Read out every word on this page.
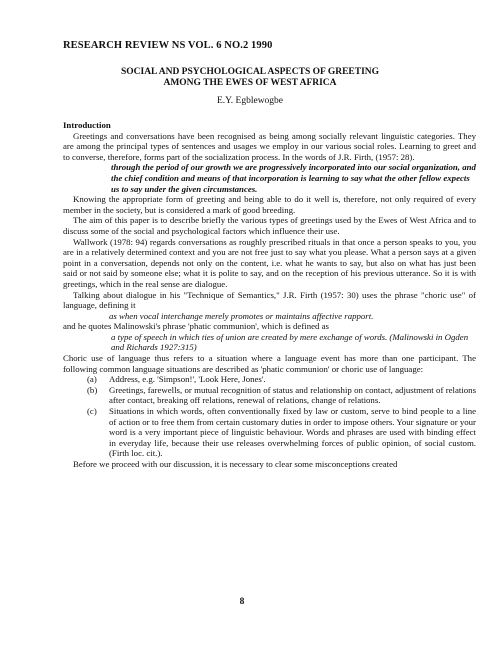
RESEARCH REVIEW NS VOL. 6 NO.2 1990
SOCIAL AND PSYCHOLOGICAL ASPECTS OF GREETING
AMONG THE EWES OF WEST AFRICA
E.Y. Egblewogbe

Introduction

Greetings and conversations have been recognised as being among socially relevant linguistic categories. They are among the principal types of sentences and usages we employ in our various social roles. Learning to greet and to converse, therefore, forms part of the socialization process. In the words of J.R. Firth, (1957: 28).

through the period of our growth we are progressively incorporated into our social organization, and the chief condition and means of that incorporation is learning to say what the other fellow expects us to say under the given circumstances.

Knowing the appropriate form of greeting and being able to do it well is, therefore, not only required of every member in the society, but is considered a mark of good breeding.

The aim of this paper is to describe briefly the various types of greetings used by the Ewes of West Africa and to discuss some of the social and psychological factors which influence their use.

Wallwork (1978: 94) regards conversations as roughly prescribed rituals in that once a person speaks to you, you are in a relatively determined context and you are not free just to say what you please. What a person says at a given point in a conversation, depends not only on the content, i.e. what he wants to say, but also on what has just been said or not said by someone else; what it is polite to say, and on the reception of his previous utterance. So it is with greetings, which in the real sense are dialogue.

Talking about dialogue in his "Technique of Semantics," J.R. Firth (1957: 30) uses the phrase "choric use" of language, defining it

as when vocal interchange merely promotes or maintains affective rapport.

and he quotes Malinowski's phrase 'phatic communion', which is defined as

a type of speech in which ties of union are created by mere exchange of words. (Malinowski in Ogden and Richards 1927:315)

Choric use of language thus refers to a situation where a language event has more than one participant. The following common language situations are described as 'phatic communion' or choric use of language:

(a)	Address, e.g. 'Simpson!', 'Look Here, Jones'.
(b)	Greetings, farewells, or mutual recognition of status and relationship on contact, adjustment of relations after contact, breaking off relations, renewal of relations, change of relations.
(c)	Situations in which words, often conventionally fixed by law or custom, serve to bind people to a line of action or to free them from certain customary duties in order to impose others. Your signature or your word is a very important piece of linguistic behaviour. Words and phrases are used with binding effect in everyday life, because their use releases overwhelming forces of public opinion, of social custom. (Firth loc. cit.).

Before we proceed with our discussion, it is necessary to clear some misconceptions created

8
